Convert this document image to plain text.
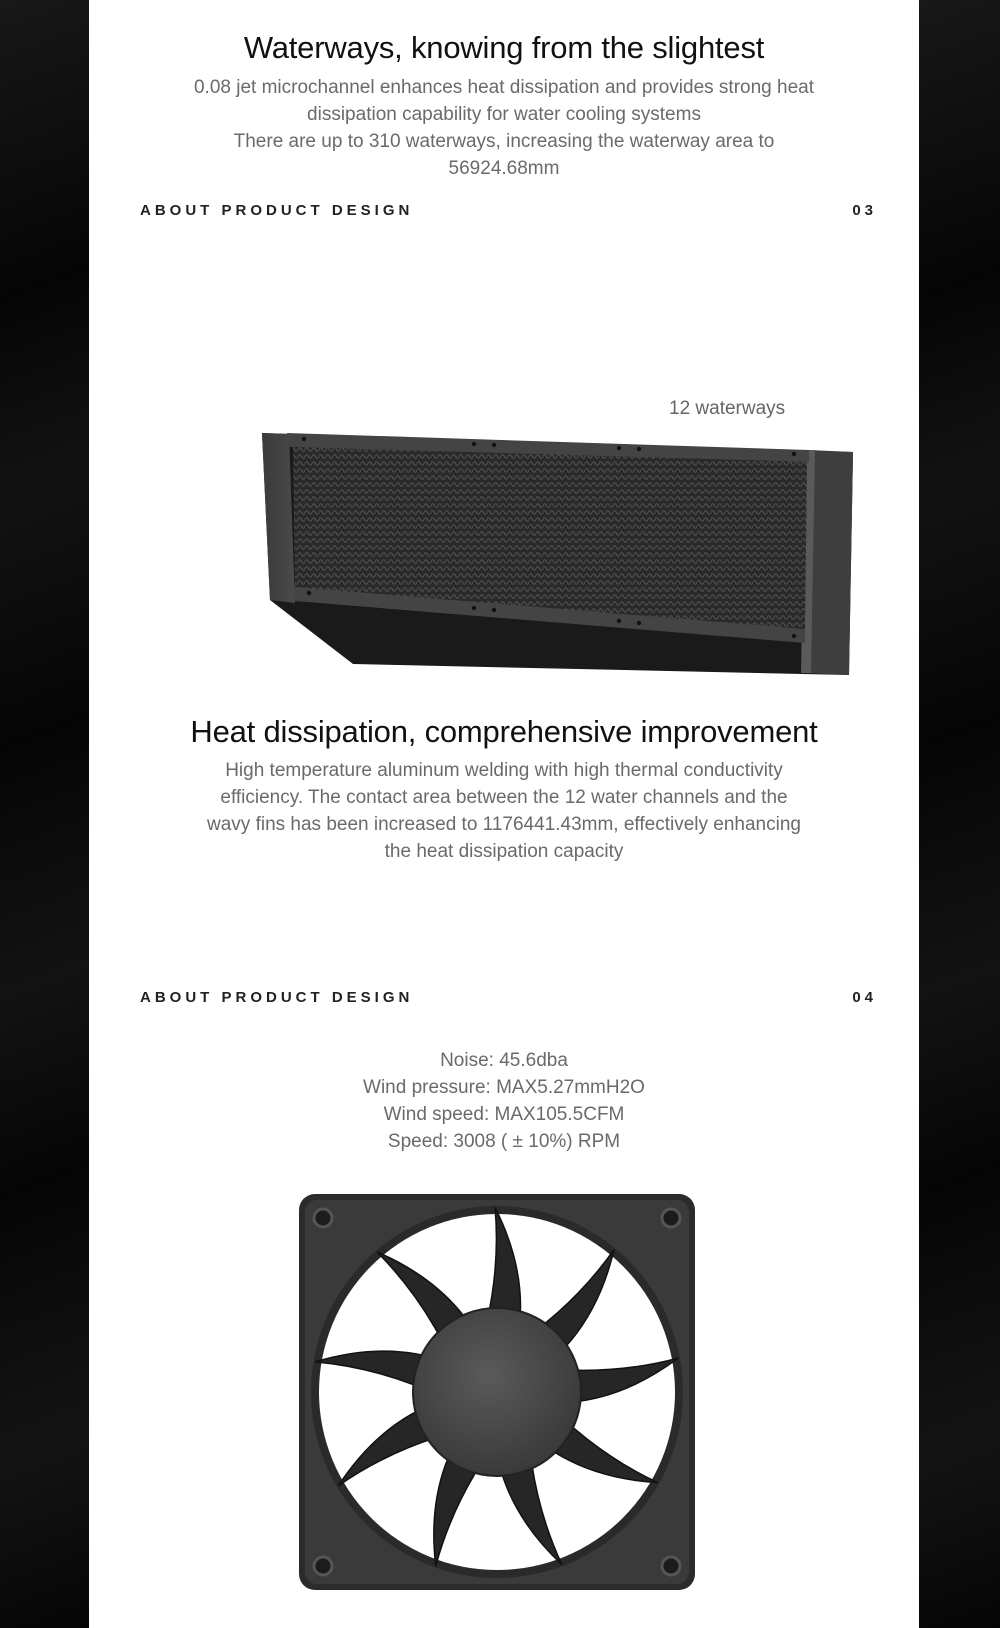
Waterways, knowing from the slightest
0.08 jet microchannel enhances heat dissipation and provides strong heat
dissipation capability for water cooling systems
There are up to 310 waterways, increasing the waterway area to
56924.68mm
ABOUT PRODUCT DESIGN	03
12 waterways
Heat dissipation, comprehensive improvement
High temperature aluminum welding with high thermal conductivity
efficiency. The contact area between the 12 water channels and the
wavy fins has been increased to 1176441.43mm, effectively enhancing
the heat dissipation capacity
ABOUT PRODUCT DESIGN	04
Noise: 45.6dba
Wind pressure: MAX5.27mmH2O
Wind speed: MAX105.5CFM
Speed: 3008 ( ± 10%) RPM
